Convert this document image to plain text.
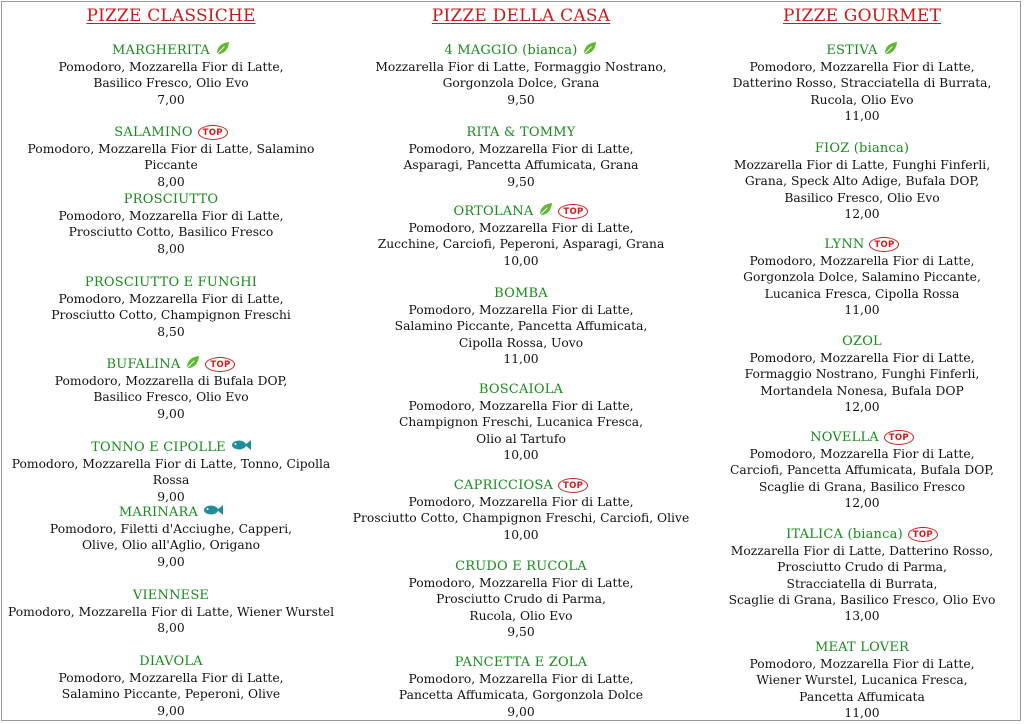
PIZZE CLASSICHE
MARGHERITA
Pomodoro, Mozzarella Fior di Latte,
Basilico Fresco, Olio Evo
7,00
SALAMINO	TOP
Pomodoro, Mozzarella Fior di Latte, Salamino Piccante
8,00
PROSCIUTTO
Pomodoro, Mozzarella Fior di Latte,
Prosciutto Cotto, Basilico Fresco
8,00
PROSCIUTTO E FUNGHI
Pomodoro, Mozzarella Fior di Latte,
Prosciutto Cotto, Champignon Freschi
8,50
BUFALINA	TOP
Pomodoro, Mozzarella di Bufala DOP,
Basilico Fresco, Olio Evo
9,00
TONNO E CIPOLLE
Pomodoro, Mozzarella Fior di Latte, Tonno, Cipolla Rossa
9,00
MARINARA
Pomodoro, Filetti d'Acciughe, Capperi,
Olive, Olio all'Aglio, Origano
9,00
VIENNESE
Pomodoro, Mozzarella Fior di Latte, Wiener Wurstel
8,00
DIAVOLA
Pomodoro, Mozzarella Fior di Latte,
Salamino Piccante, Peperoni, Olive
9,00
PIZZE DELLA CASA
4 MAGGIO (bianca)
Mozzarella Fior di Latte, Formaggio Nostrano,
Gorgonzola Dolce, Grana
9,50
RITA & TOMMY
Pomodoro, Mozzarella Fior di Latte,
Asparagi, Pancetta Affumicata, Grana
9,50
ORTOLANA	TOP
Pomodoro, Mozzarella Fior di Latte,
Zucchine, Carciofi, Peperoni, Asparagi, Grana
10,00
BOMBA
Pomodoro, Mozzarella Fior di Latte,
Salamino Piccante, Pancetta Affumicata,
Cipolla Rossa, Uovo
11,00
BOSCAIOLA
Pomodoro, Mozzarella Fior di Latte,
Champignon Freschi, Lucanica Fresca,
Olio al Tartufo
10,00
CAPRICCIOSA	TOP
Pomodoro, Mozzarella Fior di Latte,
Prosciutto Cotto, Champignon Freschi, Carciofi, Olive
10,00
CRUDO E RUCOLA
Pomodoro, Mozzarella Fior di Latte,
Prosciutto Crudo di Parma,
Rucola, Olio Evo
9,50
PANCETTA E ZOLA
Pomodoro, Mozzarella Fior di Latte,
Pancetta Affumicata, Gorgonzola Dolce
9,00
PIZZE GOURMET
ESTIVA
Pomodoro, Mozzarella Fior di Latte,
Datterino Rosso, Stracciatella di Burrata,
Rucola, Olio Evo
11,00
FIOZ (bianca)
Mozzarella Fior di Latte, Funghi Finferli,
Grana, Speck Alto Adige, Bufala DOP,
Basilico Fresco, Olio Evo
12,00
LYNN	TOP
Pomodoro, Mozzarella Fior di Latte,
Gorgonzola Dolce, Salamino Piccante,
Lucanica Fresca, Cipolla Rossa
11,00
OZOL
Pomodoro, Mozzarella Fior di Latte,
Formaggio Nostrano, Funghi Finferli,
Mortandela Nonesa, Bufala DOP
12,00
NOVELLA	TOP
Pomodoro, Mozzarella Fior di Latte,
Carciofi, Pancetta Affumicata, Bufala DOP,
Scaglie di Grana, Basilico Fresco
12,00
ITALICA (bianca)	TOP
Mozzarella Fior di Latte, Datterino Rosso,
Prosciutto Crudo di Parma,
Stracciatella di Burrata,
Scaglie di Grana, Basilico Fresco, Olio Evo
13,00
MEAT LOVER
Pomodoro, Mozzarella Fior di Latte,
Wiener Wurstel, Lucanica Fresca,
Pancetta Affumicata
11,00
